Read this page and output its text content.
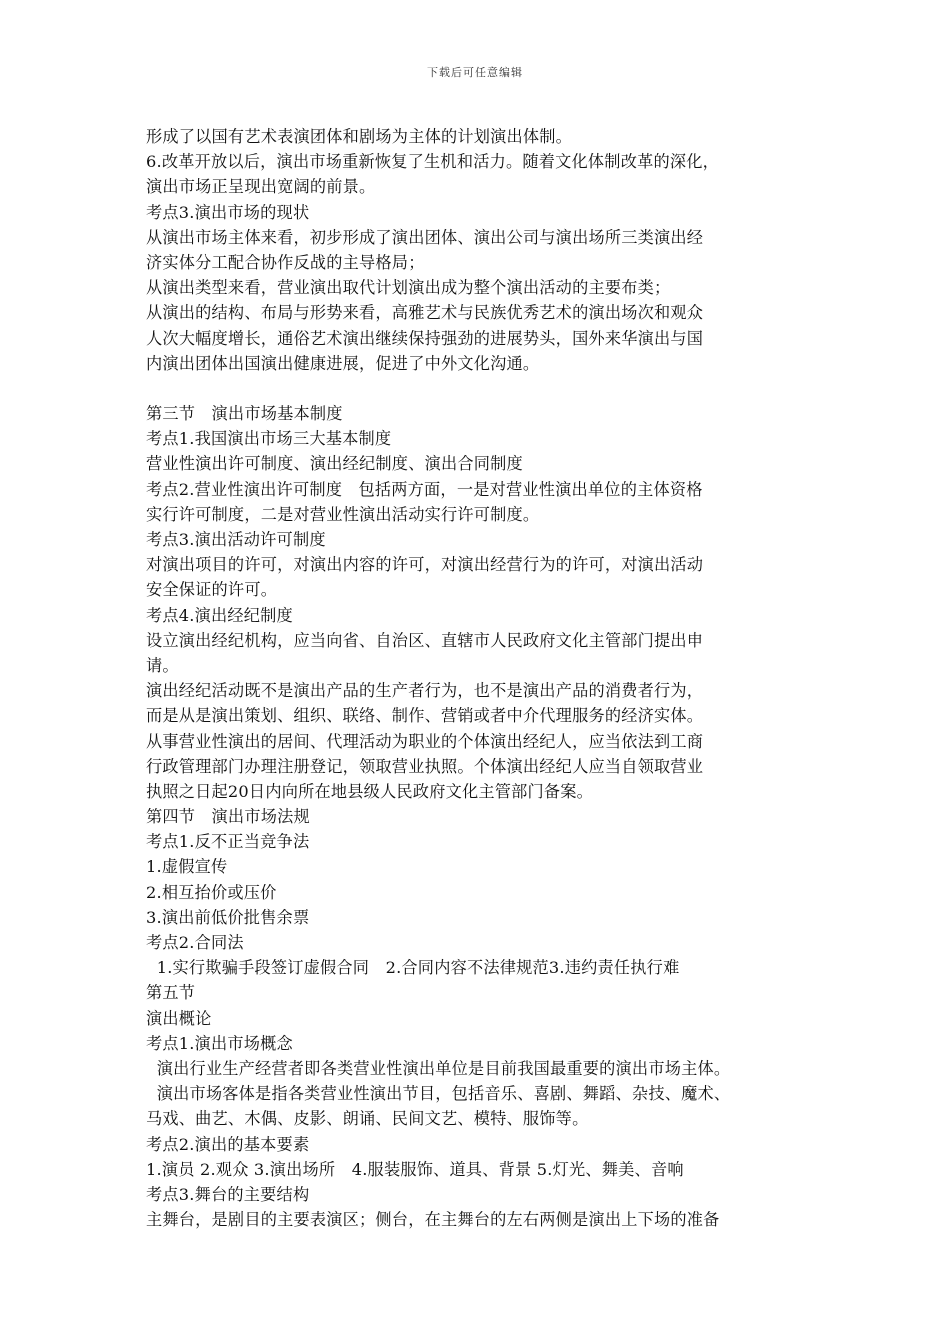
下载后可任意编辑
形成了以国有艺术表演团体和剧场为主体的计划演出体制。
6.改革开放以后，演出市场重新恢复了生机和活力。随着文化体制改革的深化，
演出市场正呈现出宽阔的前景。
考点3.演出市场的现状
从演出市场主体来看，初步形成了演出团体、演出公司与演出场所三类演出经
济实体分工配合协作反战的主导格局；
从演出类型来看，营业演出取代计划演出成为整个演出活动的主要布类；
从演出的结构、布局与形势来看，高雅艺术与民族优秀艺术的演出场次和观众
人次大幅度增长，通俗艺术演出继续保持强劲的进展势头，国外来华演出与国
内演出团体出国演出健康进展，促进了中外文化沟通。
第三节　演出市场基本制度
考点1.我国演出市场三大基本制度
营业性演出许可制度、演出经纪制度、演出合同制度
考点2.营业性演出许可制度　包括两方面，一是对营业性演出单位的主体资格
实行许可制度，二是对营业性演出活动实行许可制度。
考点3.演出活动许可制度
对演出项目的许可，对演出内容的许可，对演出经营行为的许可，对演出活动
安全保证的许可。
考点4.演出经纪制度
设立演出经纪机构，应当向省、自治区、直辖市人民政府文化主管部门提出申
请。
演出经纪活动既不是演出产品的生产者行为，也不是演出产品的消费者行为，
而是从是演出策划、组织、联络、制作、营销或者中介代理服务的经济实体。
从事营业性演出的居间、代理活动为职业的个体演出经纪人，应当依法到工商
行政管理部门办理注册登记，领取营业执照。个体演出经纪人应当自领取营业
执照之日起20日内向所在地县级人民政府文化主管部门备案。
第四节　演出市场法规
考点1.反不正当竞争法
1.虚假宣传
2.相互抬价或压价
3.演出前低价批售余票
考点2.合同法
1.实行欺骗手段签订虚假合同　2.合同内容不法律规范3.违约责任执行难
第五节
演出概论
考点1.演出市场概念
演出行业生产经营者即各类营业性演出单位是目前我国最重要的演出市场主体。
演出市场客体是指各类营业性演出节目，包括音乐、喜剧、舞蹈、杂技、魔术、
马戏、曲艺、木偶、皮影、朗诵、民间文艺、模特、服饰等。
考点2.演出的基本要素
1.演员 2.观众 3.演出场所　4.服装服饰、道具、背景 5.灯光、舞美、音响
考点3.舞台的主要结构
主舞台，是剧目的主要表演区；侧台，在主舞台的左右两侧是演出上下场的准备
